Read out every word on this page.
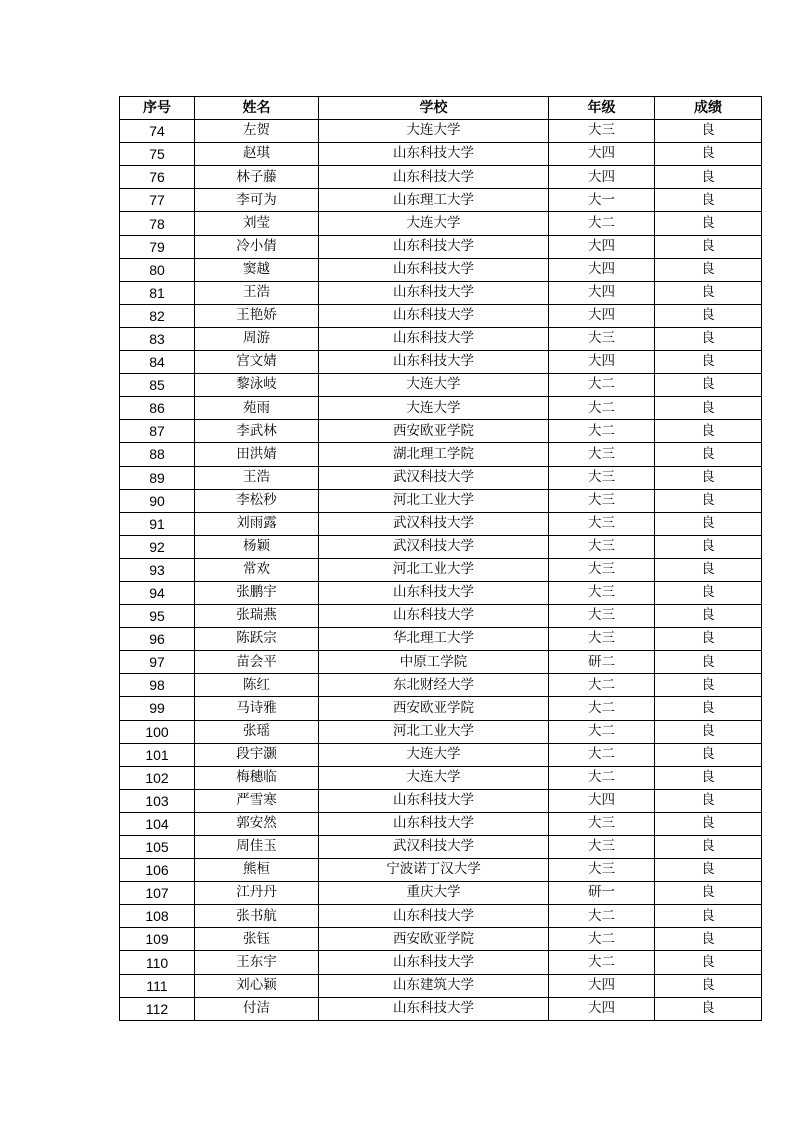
序号	姓名	学校	年级	成绩
74	左贺	大连大学	大三	良
75	赵琪	山东科技大学	大四	良
76	林子藤	山东科技大学	大四	良
77	李可为	山东理工大学	大一	良
78	刘莹	大连大学	大二	良
79	冷小倩	山东科技大学	大四	良
80	窦越	山东科技大学	大四	良
81	王浩	山东科技大学	大四	良
82	王艳娇	山东科技大学	大四	良
83	周游	山东科技大学	大三	良
84	宫文婧	山东科技大学	大四	良
85	黎泳岐	大连大学	大二	良
86	苑雨	大连大学	大二	良
87	李武林	西安欧亚学院	大二	良
88	田洪婧	湖北理工学院	大三	良
89	王浩	武汉科技大学	大三	良
90	李松秒	河北工业大学	大三	良
91	刘雨露	武汉科技大学	大三	良
92	杨颖	武汉科技大学	大三	良
93	常欢	河北工业大学	大三	良
94	张鹏宇	山东科技大学	大三	良
95	张瑞燕	山东科技大学	大三	良
96	陈跃宗	华北理工大学	大三	良
97	苗会平	中原工学院	研二	良
98	陈红	东北财经大学	大二	良
99	马诗雅	西安欧亚学院	大二	良
100	张瑶	河北工业大学	大二	良
101	段宇灏	大连大学	大二	良
102	梅穗临	大连大学	大二	良
103	严雪寒	山东科技大学	大四	良
104	郭安然	山东科技大学	大三	良
105	周佳玉	武汉科技大学	大三	良
106	熊桓	宁波诺丁汉大学	大三	良
107	江丹丹	重庆大学	研一	良
108	张书航	山东科技大学	大二	良
109	张钰	西安欧亚学院	大二	良
110	王东宇	山东科技大学	大二	良
111	刘心颖	山东建筑大学	大四	良
112	付洁	山东科技大学	大四	良
